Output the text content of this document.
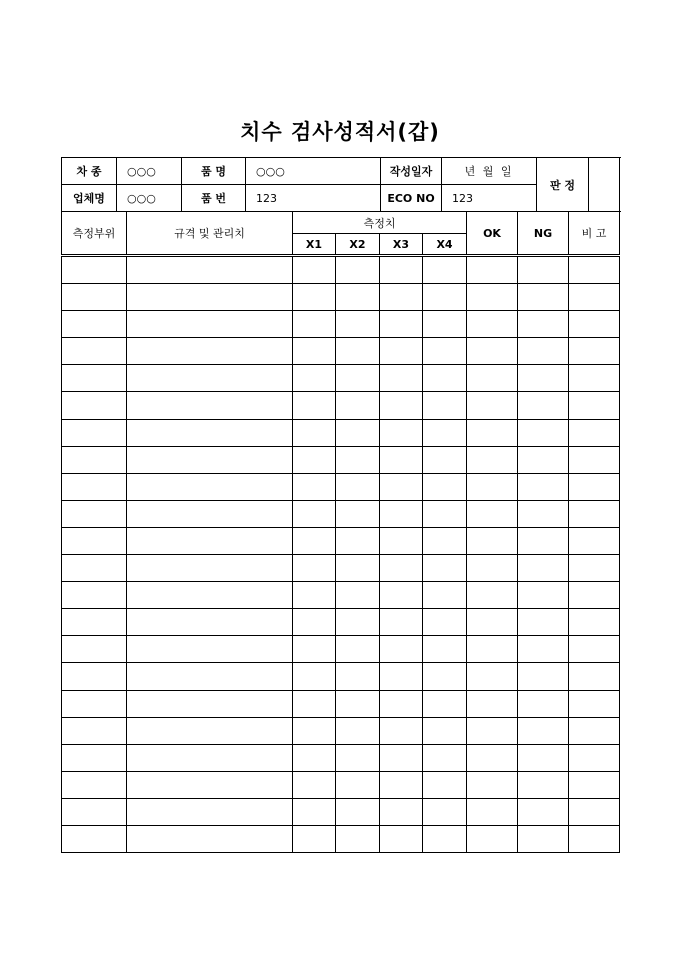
치수 검사성적서(갑)
차 종	○○○	품 명	○○○	작성일자	년 월 일	판 정	
업체명	○○○	품 번	123	ECO NO	123		
측정부위	규격 및 관리치	측정치				OK	NG	비 고
		X1	X2	X3	X4			
